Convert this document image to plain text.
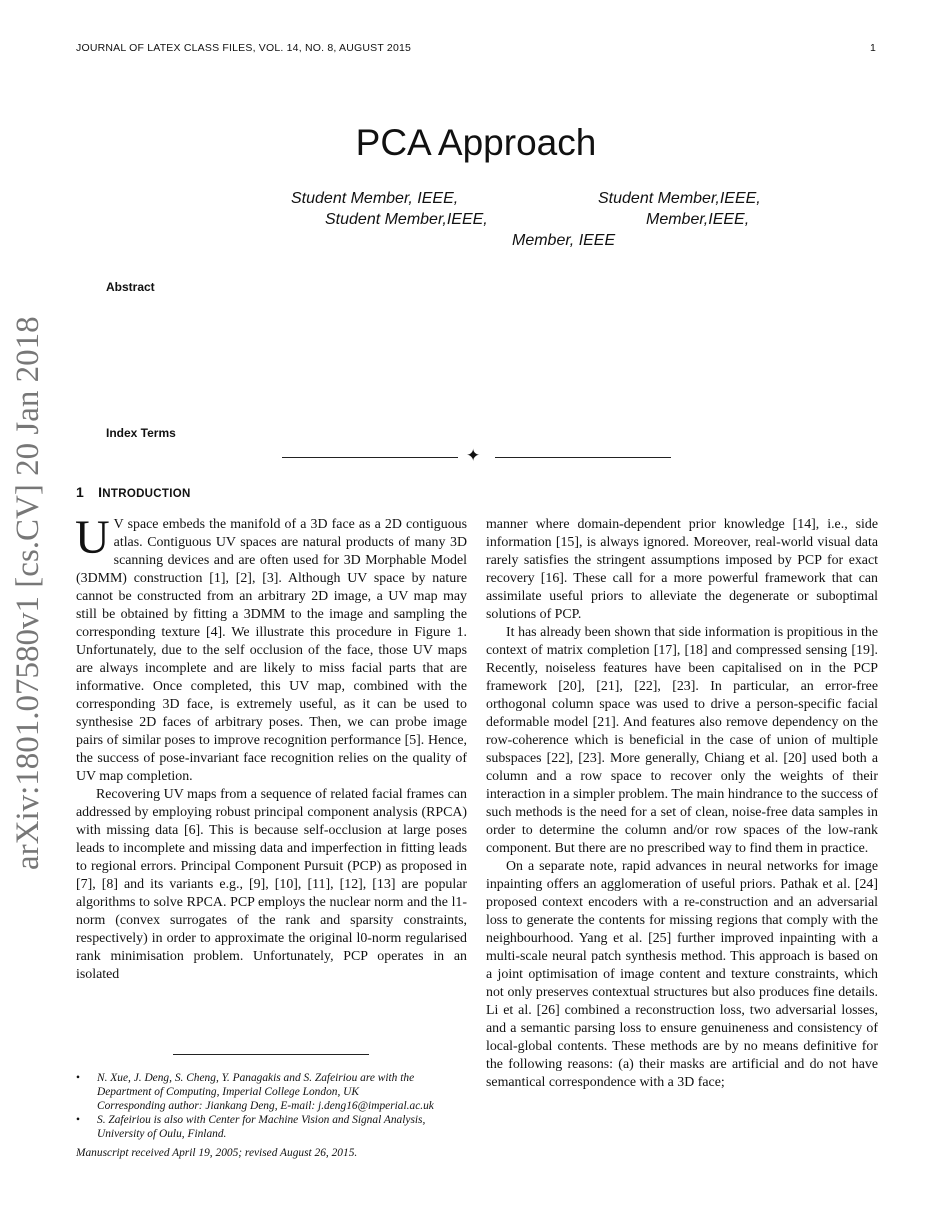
JOURNAL OF LATEX CLASS FILES, VOL. 14, NO. 8, AUGUST 2015	1
PCA Approach
Student Member, IEEE,	Student Member,IEEE,
Student Member,IEEE,	Member,IEEE,
Member, IEEE
Abstract
Index Terms
✦
1 INTRODUCTION

U V space embeds the manifold of a 3D face as a 2D contiguous atlas. Contiguous UV spaces are natural products of many 3D scanning devices and are often used for 3D Morphable Model (3DMM) construction [1], [2], [3]. Although UV space by nature cannot be constructed from an arbitrary 2D image, a UV map may still be obtained by fitting a 3DMM to the image and sampling the corresponding texture [4]. We illustrate this procedure in Figure 1. Unfortunately, due to the self occlusion of the face, those UV maps are always incomplete and are likely to miss facial parts that are informative. Once completed, this UV map, combined with the corresponding 3D face, is extremely useful, as it can be used to synthesise 2D faces of arbitrary poses. Then, we can probe image pairs of similar poses to improve recognition performance [5]. Hence, the success of pose-invariant face recognition relies on the quality of UV map completion.

Recovering UV maps from a sequence of related facial frames can addressed by employing robust principal component analysis (RPCA) with missing data [6]. This is because self-occlusion at large poses leads to incomplete and missing data and imperfection in fitting leads to regional errors. Principal Component Pursuit (PCP) as proposed in [7], [8] and its variants e.g., [9], [10], [11], [12], [13] are popular algorithms to solve RPCA. PCP employs the nuclear norm and the l1-norm (convex surrogates of the rank and sparsity constraints, respectively) in order to approximate the original l0-norm regularised rank minimisation problem. Unfortunately, PCP operates in an isolated

manner where domain-dependent prior knowledge [14], i.e., side information [15], is always ignored. Moreover, real-world visual data rarely satisfies the stringent assumptions imposed by PCP for exact recovery [16]. These call for a more powerful framework that can assimilate useful priors to alleviate the degenerate or suboptimal solutions of PCP.

It has already been shown that side information is propitious in the context of matrix completion [17], [18] and compressed sensing [19]. Recently, noiseless features have been capitalised on in the PCP framework [20], [21], [22], [23]. In particular, an error-free orthogonal column space was used to drive a person-specific facial deformable model [21]. And features also remove dependency on the row-coherence which is beneficial in the case of union of multiple subspaces [22], [23]. More generally, Chiang et al. [20] used both a column and a row space to recover only the weights of their interaction in a simpler problem. The main hindrance to the success of such methods is the need for a set of clean, noise-free data samples in order to determine the column and/or row spaces of the low-rank component. But there are no prescribed way to find them in practice.

On a separate note, rapid advances in neural networks for image inpainting offers an agglomeration of useful priors. Pathak et al. [24] proposed context encoders with a re-construction and an adversarial loss to generate the contents for missing regions that comply with the neighbourhood. Yang et al. [25] further improved inpainting with a multi-scale neural patch synthesis method. This approach is based on a joint optimisation of image content and texture constraints, which not only preserves contextual structures but also produces fine details. Li et al. [26] combined a reconstruction loss, two adversarial losses, and a semantic parsing loss to ensure genuineness and consistency of local-global contents. These methods are by no means definitive for the following reasons: (a) their masks are artificial and do not have semantical correspondence with a 3D face;

• N. Xue, J. Deng, S. Cheng, Y. Panagakis and S. Zafeiriou are with the Department of Computing, Imperial College London, UK
Corresponding author: Jiankang Deng, E-mail: j.deng16@imperial.ac.uk
• S. Zafeiriou is also with Center for Machine Vision and Signal Analysis, University of Oulu, Finland.
Manuscript received April 19, 2005; revised August 26, 2015.
arXiv:1801.07580v1 [cs.CV] 20 Jan 2018
